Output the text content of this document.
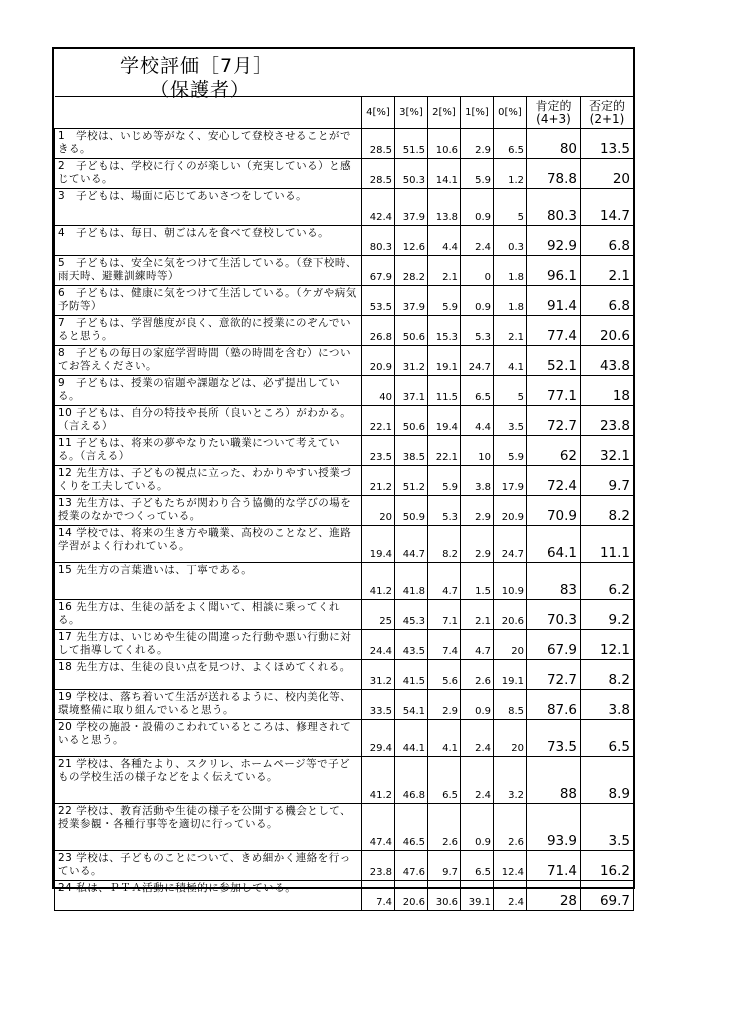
学校評価［7月］
（保護者）
	4[%]	3[%]	2[%]	1[%]	0[%]	肯定的(4+3)	否定的(2+1)
1　学校は、いじめ等がなく、安心して登校させることができる。	28.5	51.5	10.6	2.9	6.5	80	13.5
2　子どもは、学校に行くのが楽しい（充実している）と感じている。	28.5	50.3	14.1	5.9	1.2	78.8	20
3　子どもは、場面に応じてあいさつをしている。	42.4	37.9	13.8	0.9	5	80.3	14.7
4　子どもは、毎日、朝ごはんを食べて登校している。	80.3	12.6	4.4	2.4	0.3	92.9	6.8
5　子どもは、安全に気をつけて生活している。（登下校時、雨天時、避難訓練時等）	67.9	28.2	2.1	0	1.8	96.1	2.1
6　子どもは、健康に気をつけて生活している。（ケガや病気予防等）	53.5	37.9	5.9	0.9	1.8	91.4	6.8
7　子どもは、学習態度が良く、意欲的に授業にのぞんでいると思う。	26.8	50.6	15.3	5.3	2.1	77.4	20.6
8　子どもの毎日の家庭学習時間（塾の時間を含む）についてお答えください。	20.9	31.2	19.1	24.7	4.1	52.1	43.8
9　子どもは、授業の宿題や課題などは、必ず提出している。	40	37.1	11.5	6.5	5	77.1	18
10 子どもは、自分の特技や長所（良いところ）がわかる。（言える）	22.1	50.6	19.4	4.4	3.5	72.7	23.8
11 子どもは、将来の夢やなりたい職業について考えている。（言える）	23.5	38.5	22.1	10	5.9	62	32.1
12 先生方は、子どもの視点に立った、わかりやすい授業づくりを工夫している。	21.2	51.2	5.9	3.8	17.9	72.4	9.7
13 先生方は、子どもたちが関わり合う協働的な学びの場を授業のなかでつくっている。	20	50.9	5.3	2.9	20.9	70.9	8.2
14 学校では、将来の生き方や職業、高校のことなど、進路学習がよく行われている。	19.4	44.7	8.2	2.9	24.7	64.1	11.1
15 先生方の言葉遣いは、丁寧である。	41.2	41.8	4.7	1.5	10.9	83	6.2
16 先生方は、生徒の話をよく聞いて、相談に乗ってくれる。	25	45.3	7.1	2.1	20.6	70.3	9.2
17 先生方は、いじめや生徒の間違った行動や悪い行動に対して指導してくれる。	24.4	43.5	7.4	4.7	20	67.9	12.1
18 先生方は、生徒の良い点を見つけ、よくほめてくれる。	31.2	41.5	5.6	2.6	19.1	72.7	8.2
19 学校は、落ち着いて生活が送れるように、校内美化等、環境整備に取り組んでいると思う。	33.5	54.1	2.9	0.9	8.5	87.6	3.8
20 学校の施設・設備のこわれているところは、修理されていると思う。	29.4	44.1	4.1	2.4	20	73.5	6.5
21 学校は、各種たより、スクリレ、ホームページ等で子どもの学校生活の様子などをよく伝えている。	41.2	46.8	6.5	2.4	3.2	88	8.9
22 学校は、教育活動や生徒の様子を公開する機会として、授業参観・各種行事等を適切に行っている。	47.4	46.5	2.6	0.9	2.6	93.9	3.5
23 学校は、子どものことについて、きめ細かく連絡を行っている。	23.8	47.6	9.7	6.5	12.4	71.4	16.2
24 私は、ＰＴＡ活動に積極的に参加している。	7.4	20.6	30.6	39.1	2.4	28	69.7
